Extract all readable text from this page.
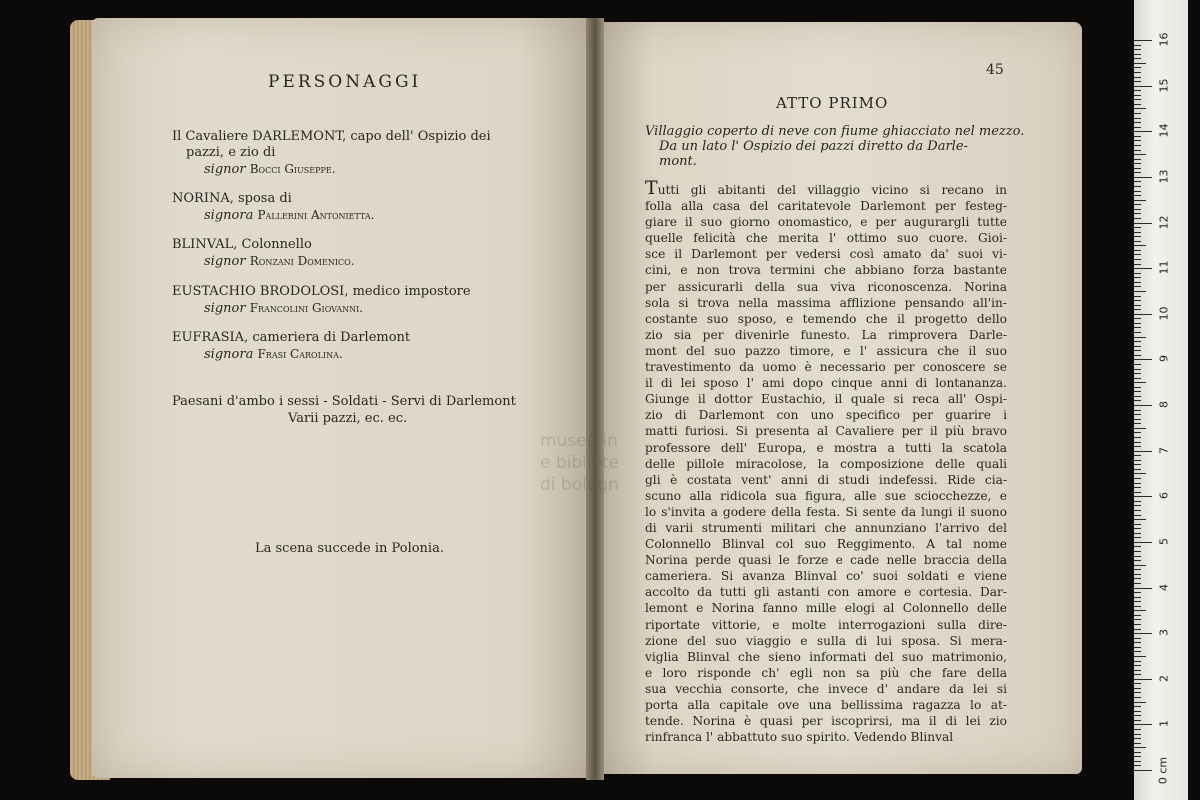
PERSONAGGI
Il Cavaliere DARLEMONT, capo dell' Ospizio dei
pazzi, e zio di
signor Bocci Giuseppe.
NORINA, sposa di
signora Pallerini Antonietta.
BLINVAL, Colonnello
signor Ronzani Domenico.
EUSTACHIO BRODOLOSI, medico impostore
signor Francolini Giovanni.
EUFRASIA, cameriera di Darlemont
signora Frasi Carolina.
Paesani d'ambo i sessi - Soldati - Servi di Darlemont
Varii pazzi, ec. ec.
La scena succede in Polonia.
45
ATTO PRIMO
Villaggio coperto di neve con fiume ghiacciato nel mezzo.
Da un lato l' Ospizio dei pazzi diretto da Darle-
mont.
Tutti gli abitanti del villaggio vicino si recano in
folla alla casa del caritatevole Darlemont per festeg-
giare il suo giorno onomastico, e per augurargli tutte
quelle felicità che merita l' ottimo suo cuore. Gioi-
sce il Darlemont per vedersi così amato da' suoi vi-
cini, e non trova termini che abbiano forza bastante
per assicurarli della sua viva riconoscenza. Norina
sola si trova nella massima afflizione pensando all'in-
costante suo sposo, e temendo che il progetto dello
zio sia per divenirle funesto. La rimprovera Darle-
mont del suo pazzo timore, e l' assicura che il suo
travestimento da uomo è necessario per conoscere se
il di lei sposo l' ami dopo cinque anni di lontananza.
Giunge il dottor Eustachio, il quale si reca all' Ospi-
zio di Darlemont con uno specifico per guarire i
matti furiosi. Si presenta al Cavaliere per il più bravo
professore dell' Europa, e mostra a tutti la scatola
delle pillole miracolose, la composizione delle quali
gli è costata vent' anni di studi indefessi. Ride cia-
scuno alla ridicola sua figura, alle sue sciocchezze, e
lo s'invita a godere della festa. Si sente da lungi il suono
di varii strumenti militari che annunziano l'arrivo del
Colonnello Blinval col suo Reggimento. A tal nome
Norina perde quasi le forze e cade nelle braccia della
cameriera. Si avanza Blinval co' suoi soldati e viene
accolto da tutti gli astanti con amore e cortesia. Dar-
lemont e Norina fanno mille elogi al Colonnello delle
riportate vittorie, e molte interrogazioni sulla dire-
zione del suo viaggio e sulla di lui sposa. Si mera-
viglia Blinval che sieno informati del suo matrimonio,
e loro risponde ch' egli non sa più che fare della
sua vecchia consorte, che invece d' andare da lei si
porta alla capitale ove una bellissima ragazza lo at-
tende. Norina è quasi per iscoprirsi, ma il di lei zio
rinfranca l' abbattuto suo spirito. Vedendo Blinval
museo in
e bibliote
di bologn
0 cm
1
2
3
4
5
6
7
8
9
10
11
12
13
14
15
16
